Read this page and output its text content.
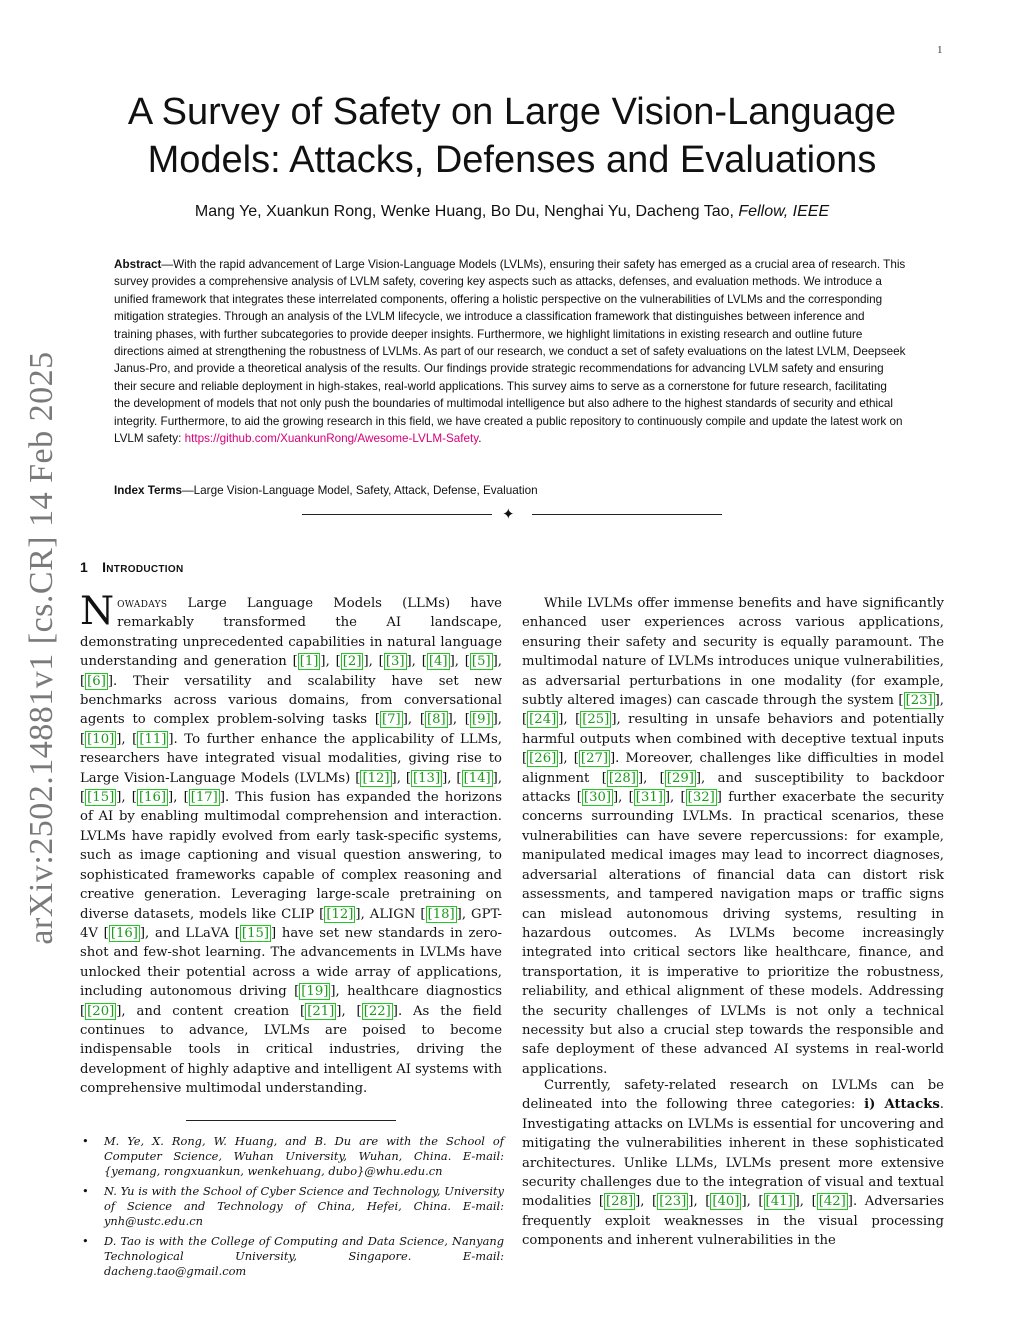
1
arXiv:2502.14881v1 [cs.CR] 14 Feb 2025
A Survey of Safety on Large Vision-Language
Models: Attacks, Defenses and Evaluations
Mang Ye, Xuankun Rong, Wenke Huang, Bo Du, Nenghai Yu, Dacheng Tao, Fellow, IEEE

Abstract—With the rapid advancement of Large Vision-Language Models (LVLMs), ensuring their safety has emerged as a crucial area of research. This survey provides a comprehensive analysis of LVLM safety, covering key aspects such as attacks, defenses, and evaluation methods. We introduce a unified framework that integrates these interrelated components, offering a holistic perspective on the vulnerabilities of LVLMs and the corresponding mitigation strategies. Through an analysis of the LVLM lifecycle, we introduce a classification framework that distinguishes between inference and training phases, with further subcategories to provide deeper insights. Furthermore, we highlight limitations in existing research and outline future directions aimed at strengthening the robustness of LVLMs. As part of our research, we conduct a set of safety evaluations on the latest LVLM, Deepseek Janus-Pro, and provide a theoretical analysis of the results. Our findings provide strategic recommendations for advancing LVLM safety and ensuring their secure and reliable deployment in high-stakes, real-world applications. This survey aims to serve as a cornerstone for future research, facilitating the development of models that not only push the boundaries of multimodal intelligence but also adhere to the highest standards of security and ethical integrity. Furthermore, to aid the growing research in this field, we have created a public repository to continuously compile and update the latest work on LVLM safety: https://github.com/XuankunRong/Awesome-LVLM-Safety.

Index Terms—Large Vision-Language Model, Safety, Attack, Defense, Evaluation

✦
1 Introduction

Nowadays Large Language Models (LLMs) have remarkably transformed the AI landscape, demonstrating unprecedented capabilities in natural language understanding and generation [ [1] ], [ [2] ], [ [3] ], [ [4] ], [ [5] ], [ [6] ]. Their versatility and scalability have set new benchmarks across various domains, from conversational agents to complex problem-solving tasks [ [7] ], [ [8] ], [ [9] ], [ [10] ], [ [11] ]. To further enhance the applicability of LLMs, researchers have integrated visual modalities, giving rise to Large Vision-Language Models (LVLMs) [ [12] ], [ [13] ], [ [14] ], [ [15] ], [ [16] ], [ [17] ]. This fusion has expanded the horizons of AI by enabling multimodal comprehension and interaction. LVLMs have rapidly evolved from early task-specific systems, such as image captioning and visual question answering, to sophisticated frameworks capable of complex reasoning and creative generation. Leveraging large-scale pretraining on diverse datasets, models like CLIP [ [12] ], ALIGN [ [18] ], GPT-4V [ [16] ], and LLaVA [ [15] ] have set new standards in zero-shot and few-shot learning. The advancements in LVLMs have unlocked their potential across a wide array of applications, including autonomous driving [ [19] ], healthcare diagnostics [ [20] ], and content creation [ [21] ], [ [22] ]. As the field continues to advance, LVLMs are poised to become indispensable tools in critical industries, driving the development of highly adaptive and intelligent AI systems with comprehensive multimodal understanding.

While LVLMs offer immense benefits and have significantly enhanced user experiences across various applications, ensuring their safety and security is equally paramount. The multimodal nature of LVLMs introduces unique vulnerabilities, as adversarial perturbations in one modality (for example, subtly altered images) can cascade through the system [ [23] ], [ [24] ], [ [25] ], resulting in unsafe behaviors and potentially harmful outputs when combined with deceptive textual inputs [ [26] ], [ [27] ]. Moreover, challenges like difficulties in model alignment [ [28] ], [ [29] ], and susceptibility to backdoor attacks [ [30] ], [ [31] ], [ [32] ] further exacerbate the security concerns surrounding LVLMs. In practical scenarios, these vulnerabilities can have severe repercussions: for example, manipulated medical images may lead to incorrect diagnoses, adversarial alterations of financial data can distort risk assessments, and tampered navigation maps or traffic signs can mislead autonomous driving systems, resulting in hazardous outcomes. As LVLMs become increasingly integrated into critical sectors like healthcare, finance, and transportation, it is imperative to prioritize the robustness, reliability, and ethical alignment of these models. Addressing the security challenges of LVLMs is not only a technical necessity but also a crucial step towards the responsible and safe deployment of these advanced AI systems in real-world applications.

Currently, safety-related research on LVLMs can be delineated into the following three categories: i) Attacks. Investigating attacks on LVLMs is essential for uncovering and mitigating the vulnerabilities inherent in these sophisticated architectures. Unlike LLMs, LVLMs present more extensive security challenges due to the integration of visual and textual modalities [ [28] ], [ [23] ], [ [40] ], [ [41] ], [ [42] ]. Adversaries frequently exploit weaknesses in the visual processing components and inherent vulnerabilities in the

• M. Ye, X. Rong, W. Huang, and B. Du are with the School of Computer Science, Wuhan University, Wuhan, China. E-mail:{yemang, rongxuankun, wenkehuang, dubo}@whu.edu.cn
• N. Yu is with the School of Cyber Science and Technology, University of Science and Technology of China, Hefei, China. E-mail: ynh@ustc.edu.cn
• D. Tao is with the College of Computing and Data Science, Nanyang Technological University, Singapore. E-mail: dacheng.tao@gmail.com
